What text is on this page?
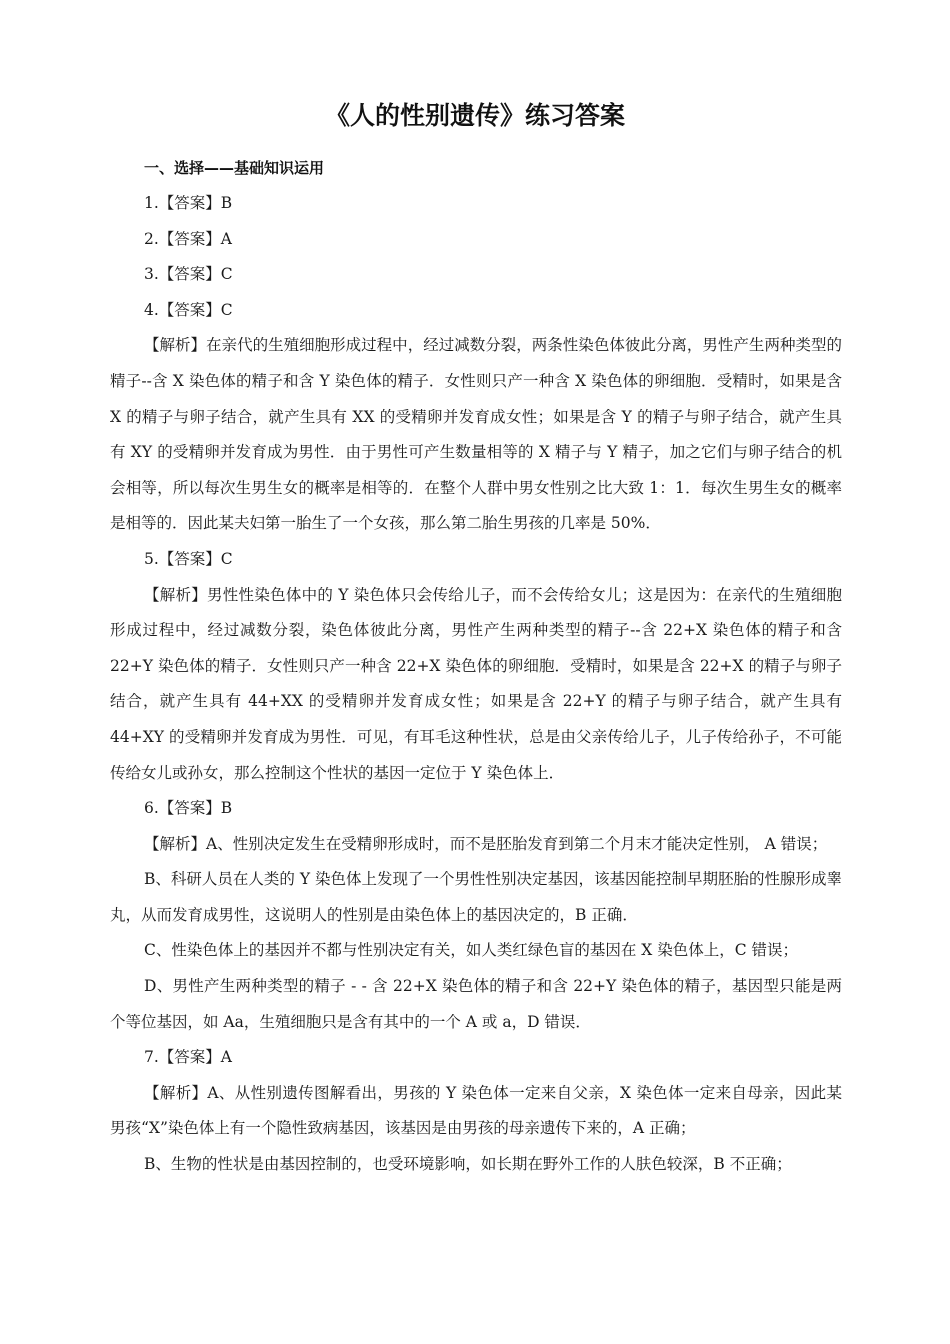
《人的性别遗传》练习答案
一、选择——基础知识运用

1.【答案】B

2.【答案】A

3.【答案】C

4.【答案】C

【解析】在亲代的生殖细胞形成过程中，经过减数分裂，两条性染色体彼此分离，男性产生两种类型的精子--含 X 染色体的精子和含 Y 染色体的精子．女性则只产一种含 X 染色体的卵细胞．受精时，如果是含 X 的精子与卵子结合，就产生具有 XX 的受精卵并发育成女性；如果是含 Y 的精子与卵子结合，就产生具有 XY 的受精卵并发育成为男性．由于男性可产生数量相等的 X 精子与 Y 精子，加之它们与卵子结合的机会相等，所以每次生男生女的概率是相等的．在整个人群中男女性别之比大致 1：1．每次生男生女的概率是相等的．因此某夫妇第一胎生了一个女孩，那么第二胎生男孩的几率是 50%．

5.【答案】C

【解析】男性性染色体中的 Y 染色体只会传给儿子，而不会传给女儿；这是因为：在亲代的生殖细胞形成过程中，经过减数分裂，染色体彼此分离，男性产生两种类型的精子--含 22+X 染色体的精子和含 22+Y 染色体的精子．女性则只产一种含 22+X 染色体的卵细胞．受精时，如果是含 22+X 的精子与卵子结合，就产生具有 44+XX 的受精卵并发育成女性；如果是含 22+Y 的精子与卵子结合，就产生具有 44+XY 的受精卵并发育成为男性．可见，有耳毛这种性状，总是由父亲传给儿子，儿子传给孙子，不可能传给女儿或孙女，那么控制这个性状的基因一定位于 Y 染色体上．

6.【答案】B

【解析】A、性别决定发生在受精卵形成时，而不是胚胎发育到第二个月末才能决定性别， A 错误；

B、科研人员在人类的 Y 染色体上发现了一个男性性别决定基因，该基因能控制早期胚胎的性腺形成睾丸，从而发育成男性，这说明人的性别是由染色体上的基因决定的，B 正确．

C、性染色体上的基因并不都与性别决定有关，如人类红绿色盲的基因在 X 染色体上，C 错误；

D、男性产生两种类型的精子 - - 含 22+X 染色体的精子和含 22+Y 染色体的精子，基因型只能是两个等位基因，如 Aa，生殖细胞只是含有其中的一个 A 或 a，D 错误．

7.【答案】A

【解析】A、从性别遗传图解看出，男孩的 Y 染色体一定来自父亲，X 染色体一定来自母亲，因此某男孩“X”染色体上有一个隐性致病基因，该基因是由男孩的母亲遗传下来的，A 正确；

B、生物的性状是由基因控制的，也受环境影响，如长期在野外工作的人肤色较深，B 不正确；
